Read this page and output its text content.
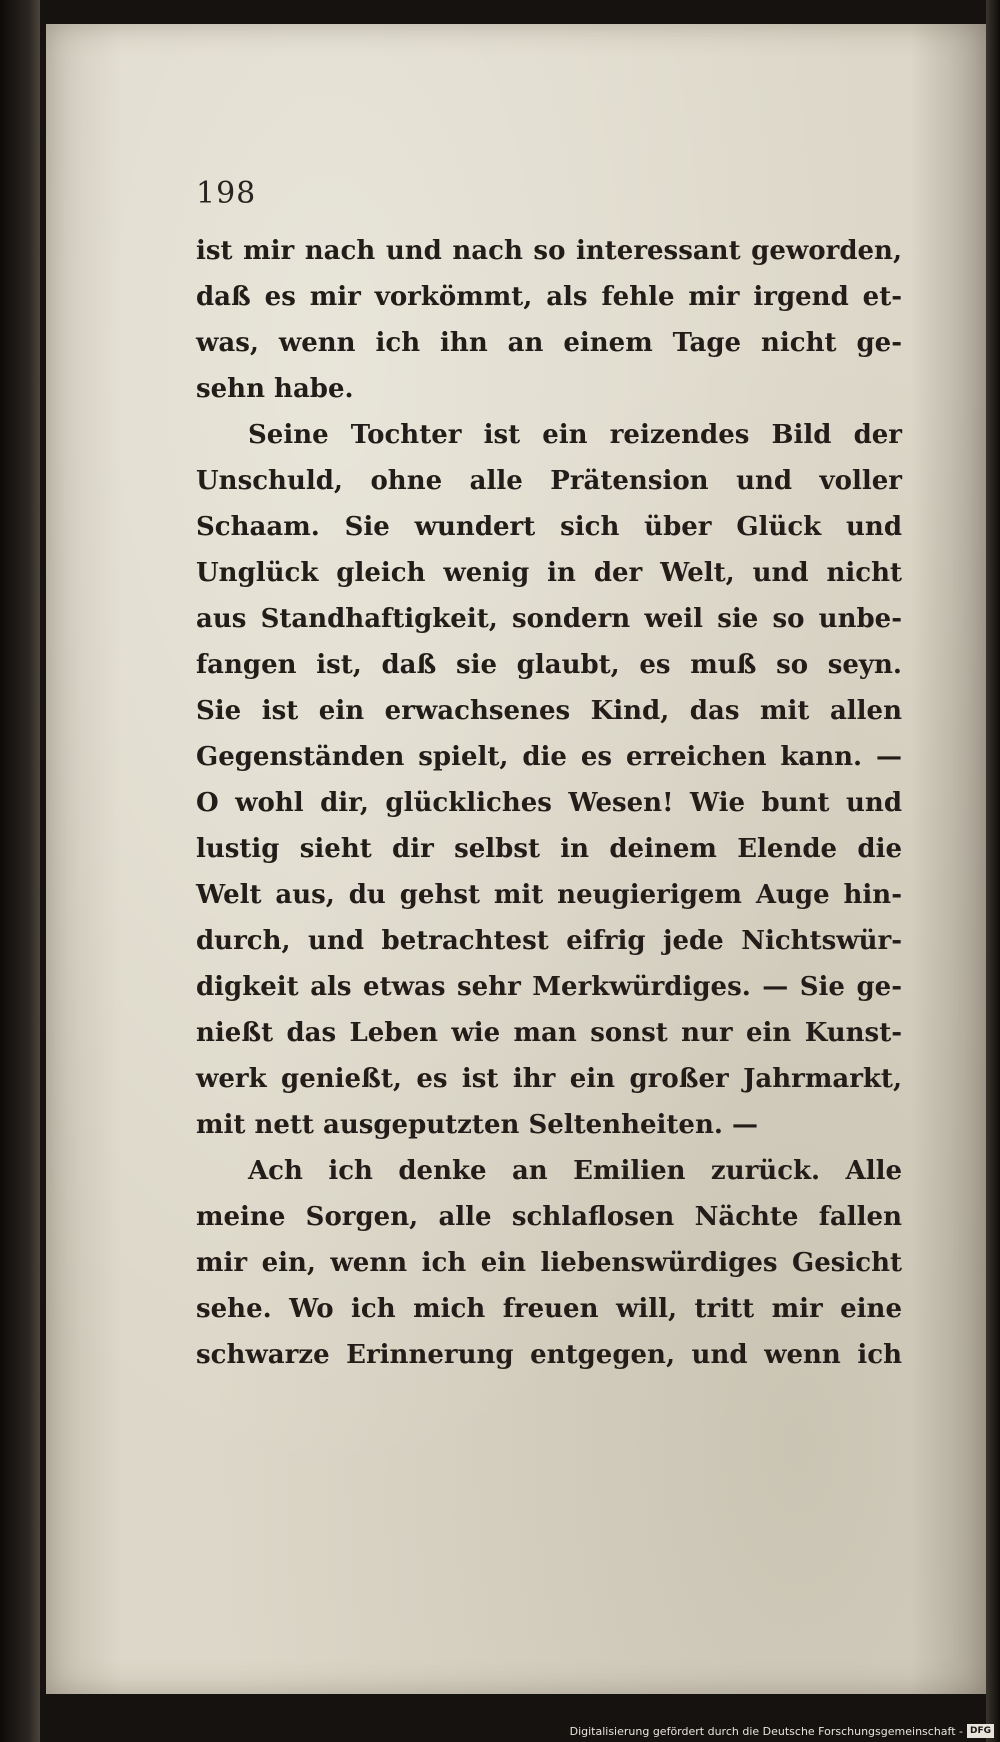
198
ist mir nach und nach so interessant geworden,
daß es mir vorkömmt, als fehle mir irgend et-
was, wenn ich ihn an einem Tage nicht ge-
sehn habe.
Seine Tochter ist ein reizendes Bild der
Unschuld, ohne alle Prätension und voller
Schaam. Sie wundert sich über Glück und
Unglück gleich wenig in der Welt, und nicht
aus Standhaftigkeit, sondern weil sie so unbe-
fangen ist, daß sie glaubt, es muß so seyn.
Sie ist ein erwachsenes Kind, das mit allen
Gegenständen spielt, die es erreichen kann. —
O wohl dir, glückliches Wesen! Wie bunt und
lustig sieht dir selbst in deinem Elende die
Welt aus, du gehst mit neugierigem Auge hin-
durch, und betrachtest eifrig jede Nichtswür-
digkeit als etwas sehr Merkwürdiges. — Sie ge-
nießt das Leben wie man sonst nur ein Kunst-
werk genießt, es ist ihr ein großer Jahrmarkt,
mit nett ausgeputzten Seltenheiten. —
Ach ich denke an Emilien zurück. Alle
meine Sorgen, alle schlaflosen Nächte fallen
mir ein, wenn ich ein liebenswürdiges Gesicht
sehe. Wo ich mich freuen will, tritt mir eine
schwarze Erinnerung entgegen, und wenn ich
Digitalisierung gefördert durch die Deutsche Forschungsgemeinschaft - DFG
